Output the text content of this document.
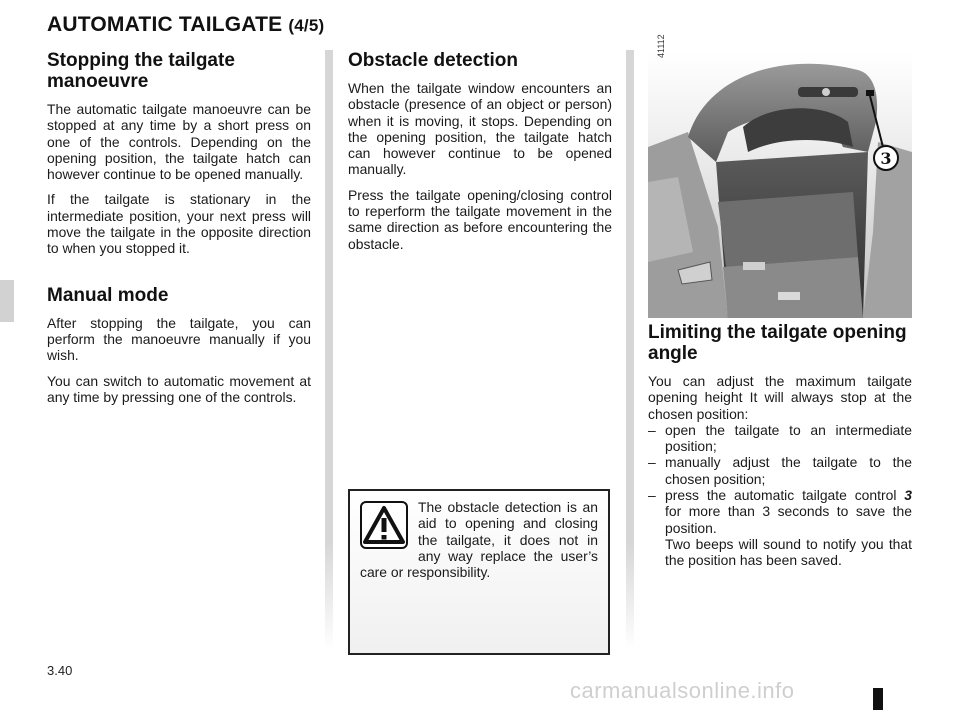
AUTOMATIC TAILGATE (4/5)
Stopping the tailgate manoeuvre

The automatic tailgate manoeuvre can be stopped at any time by a short press on one of the controls. Depending on the opening position, the tailgate hatch can however continue to be opened manually.

If the tailgate is stationary in the intermediate position, your next press will move the tailgate in the opposite direction to when you stopped it.

Manual mode

After stopping the tailgate, you can perform the manoeuvre manually if you wish.

You can switch to automatic movement at any time by pressing one of the controls.

Obstacle detection

When the tailgate window encounters an obstacle (presence of an object or person) when it is moving, it stops. Depending on the opening position, the tailgate hatch can however continue to be opened manually.

Press the tailgate opening/closing control to reperform the tailgate movement in the same direction as before encountering the obstacle.

The obstacle detection is an aid to opening and closing the tailgate, it does not in any way replace the user’s care or responsibility.
3
41112
Limiting the tailgate opening angle

You can adjust the maximum tailgate opening height It will always stop at the chosen position:

– open the tailgate to an intermediate position;
– manually adjust the tailgate to the chosen position;
– press the automatic tailgate control 3 for more than 3 seconds to save the position.
Two beeps will sound to notify you that the position has been saved.
3.40
carmanualsonline.info
